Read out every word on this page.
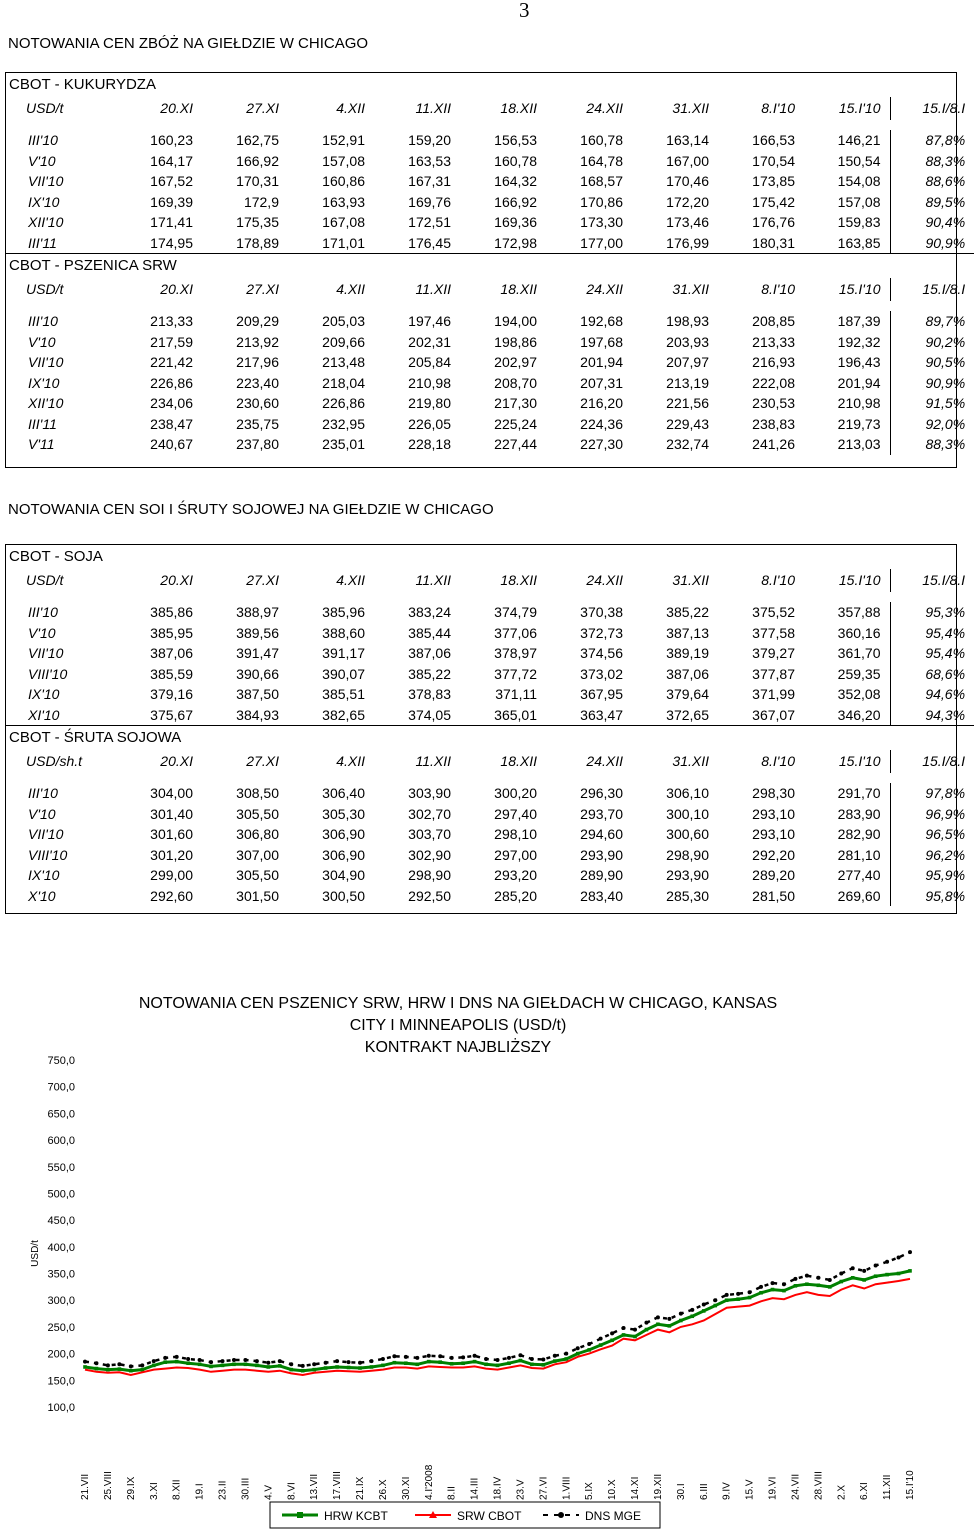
3
NOTOWANIA CEN ZBÓŻ NA GIEŁDZIE W CHICAGO
CBOT - KUKURYDZA										
USD/t	20.XI	27.XI	4.XII	11.XII	18.XII	24.XII	31.XII	8.I'10	15.I'10	15.I/8.I

III'10	160,23	162,75	152,91	159,20	156,53	160,78	163,14	166,53	146,21	87,8%
V'10	164,17	166,92	157,08	163,53	160,78	164,78	167,00	170,54	150,54	88,3%
VII'10	167,52	170,31	160,86	167,31	164,32	168,57	170,46	173,85	154,08	88,6%
IX'10	169,39	172,9	163,93	169,76	166,92	170,86	172,20	175,42	157,08	89,5%
XII'10	171,41	175,35	167,08	172,51	169,36	173,30	173,46	176,76	159,83	90,4%
III'11	174,95	178,89	171,01	176,45	172,98	177,00	176,99	180,31	163,85	90,9%
CBOT - PSZENICA SRW										
USD/t	20.XI	27.XI	4.XII	11.XII	18.XII	24.XII	31.XII	8.I'10	15.I'10	15.I/8.I

III'10	213,33	209,29	205,03	197,46	194,00	192,68	198,93	208,85	187,39	89,7%
V'10	217,59	213,92	209,66	202,31	198,86	197,68	203,93	213,33	192,32	90,2%
VII'10	221,42	217,96	213,48	205,84	202,97	201,94	207,97	216,93	196,43	90,5%
IX'10	226,86	223,40	218,04	210,98	208,70	207,31	213,19	222,08	201,94	90,9%
XII'10	234,06	230,60	226,86	219,80	217,30	216,20	221,56	230,53	210,98	91,5%
III'11	238,47	235,75	232,95	226,05	225,24	224,36	229,43	238,83	219,73	92,0%
V'11	240,67	237,80	235,01	228,18	227,44	227,30	232,74	241,26	213,03	88,3%
NOTOWANIA CEN SOI I ŚRUTY SOJOWEJ NA GIEŁDZIE W CHICAGO
CBOT - SOJA										
USD/t	20.XI	27.XI	4.XII	11.XII	18.XII	24.XII	31.XII	8.I'10	15.I'10	15.I/8.I

III'10	385,86	388,97	385,96	383,24	374,79	370,38	385,22	375,52	357,88	95,3%
V'10	385,95	389,56	388,60	385,44	377,06	372,73	387,13	377,58	360,16	95,4%
VII'10	387,06	391,47	391,17	387,06	378,97	374,56	389,19	379,27	361,70	95,4%
VIII'10	385,59	390,66	390,07	385,22	377,72	373,02	387,06	377,87	259,35	68,6%
IX'10	379,16	387,50	385,51	378,83	371,11	367,95	379,64	371,99	352,08	94,6%
XI'10	375,67	384,93	382,65	374,05	365,01	363,47	372,65	367,07	346,20	94,3%
CBOT - ŚRUTA SOJOWA										
USD/sh.t	20.XI	27.XI	4.XII	11.XII	18.XII	24.XII	31.XII	8.I'10	15.I'10	15.I/8.I

III'10	304,00	308,50	306,40	303,90	300,20	296,30	306,10	298,30	291,70	97,8%
V'10	301,40	305,50	305,30	302,70	297,40	293,70	300,10	293,10	283,90	96,9%
VII'10	301,60	306,80	306,90	303,70	298,10	294,60	300,60	293,10	282,90	96,5%
VIII'10	301,20	307,00	306,90	302,90	297,00	293,90	298,90	292,20	281,10	96,2%
IX'10	299,00	305,50	304,90	298,90	293,20	289,90	293,90	289,20	277,40	95,9%
X'10	292,60	301,50	300,50	292,50	285,20	283,40	285,30	281,50	269,60	95,8%
NOTOWANIA CEN PSZENICY SRW, HRW I DNS NA GIEŁDACH W CHICAGO, KANSAS
CITY I MINNEAPOLIS (USD/t)
KONTRAKT NAJBLIŻSZY
750,0
700,0
650,0
600,0
550,0
500,0
450,0
400,0
350,0
300,0
250,0
200,0
150,0
100,0
USD/t
21.VII 25.VIII 29.IX 3.XI 8.XII 19.I 23.II 30.III 4.V 8.VI 13.VII 17.VIII 21.IX 26.X 30.XI 4.I'2008 8.II 14.III 18.IV 23.V 27.VI 1.VIII 5.IX 10.X 14.XI 19.XII 30.I 6.III 9.IV 15.V 19.VI 24.VII 28.VIII 2.X 6.XI 11.XII 15.I'10
HRW KCBT	SRW CBOT	DNS MGE
